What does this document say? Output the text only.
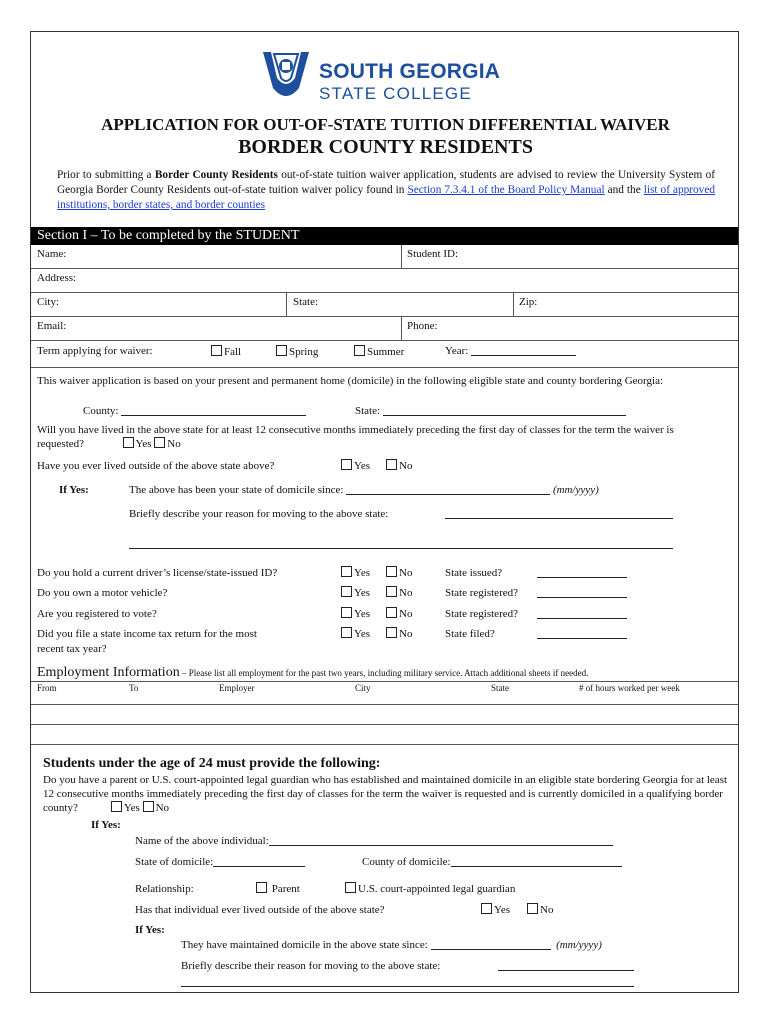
SOUTH GEORGIA
STATE COLLEGE
APPLICATION FOR OUT-OF-STATE TUITION DIFFERENTIAL WAIVER
BORDER COUNTY RESIDENTS
Prior to submitting a Border County Residents out-of-state tuition waiver application, students are advised to review the University System of Georgia Border County Residents out-of-state tuition waiver policy found in Section 7.3.4.1 of the Board Policy Manual and the list of approved institutions, border states, and border counties
Section I – To be completed by the STUDENT
Name:	Student ID:
Address:
City:	State:	Zip:
Email:	Phone:
Term applying for waiver:	Fall	Spring	Summer	Year:
This waiver application is based on your present and permanent home (domicile) in the following eligible state and county bordering Georgia:
County:	State:
Will you have lived in the above state for at least 12 consecutive months immediately preceding the first day of classes for the term the waiver is requested?	Yes No
Have you ever lived outside of the above state above?	Yes	No
If Yes:	The above has been your state of domicile since:	(mm/yyyy)
Briefly describe your reason for moving to the above state:
Do you hold a current driver’s license/state-issued ID?	Yes	No	State issued?
Do you own a motor vehicle?	Yes	No	State registered?
Are you registered to vote?	Yes	No	State registered?
Did you file a state income tax return for the most
recent tax year?
Yes	No	State filed?
Employment Information – Please list all employment for the past two years, including military service. Attach additional sheets if needed.
From	To	Employer	City	State	# of hours worked per week
Students under the age of 24 must provide the following:
Do you have a parent or U.S. court-appointed legal guardian who has established and maintained domicile in an eligible state bordering Georgia for at least 12 consecutive months immediately preceding the first day of classes for the term the waiver is requested and is currently domiciled in a qualifying border county?	Yes No
If Yes:
Name of the above individual:
State of domicile:	County of domicile:
Relationship:	Parent	U.S. court-appointed legal guardian
Has that individual ever lived outside of the above state?	Yes	No
If Yes:
They have maintained domicile in the above state since:	(mm/yyyy)
Briefly describe their reason for moving to the above state:
